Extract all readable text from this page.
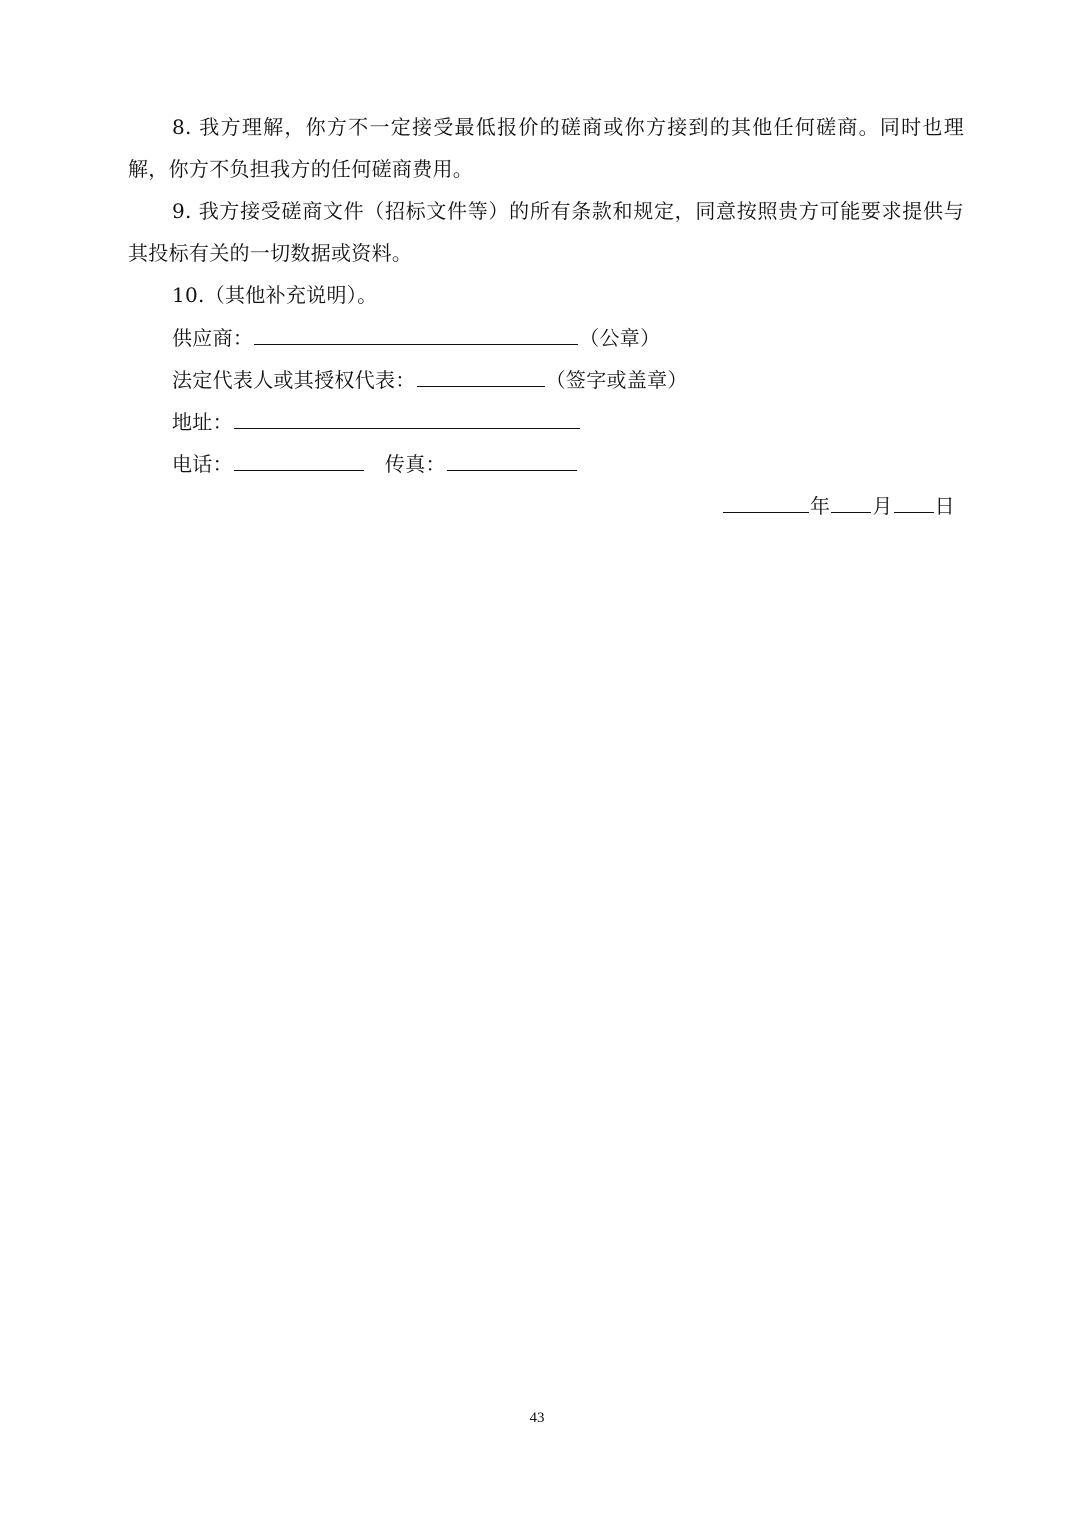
8. 我方理解，你方不一定接受最低报价的磋商或你方接到的其他任何磋商。同时也理解，你方不负担我方的任何磋商费用。

9. 我方接受磋商文件（招标文件等）的所有条款和规定，同意按照贵方可能要求提供与其投标有关的一切数据或资料。

10.（其他补充说明）。

供应商：	（公章）
法定代表人或其授权代表：	（签字或盖章）
地址：
电话：	传真：
年 月 日
43
